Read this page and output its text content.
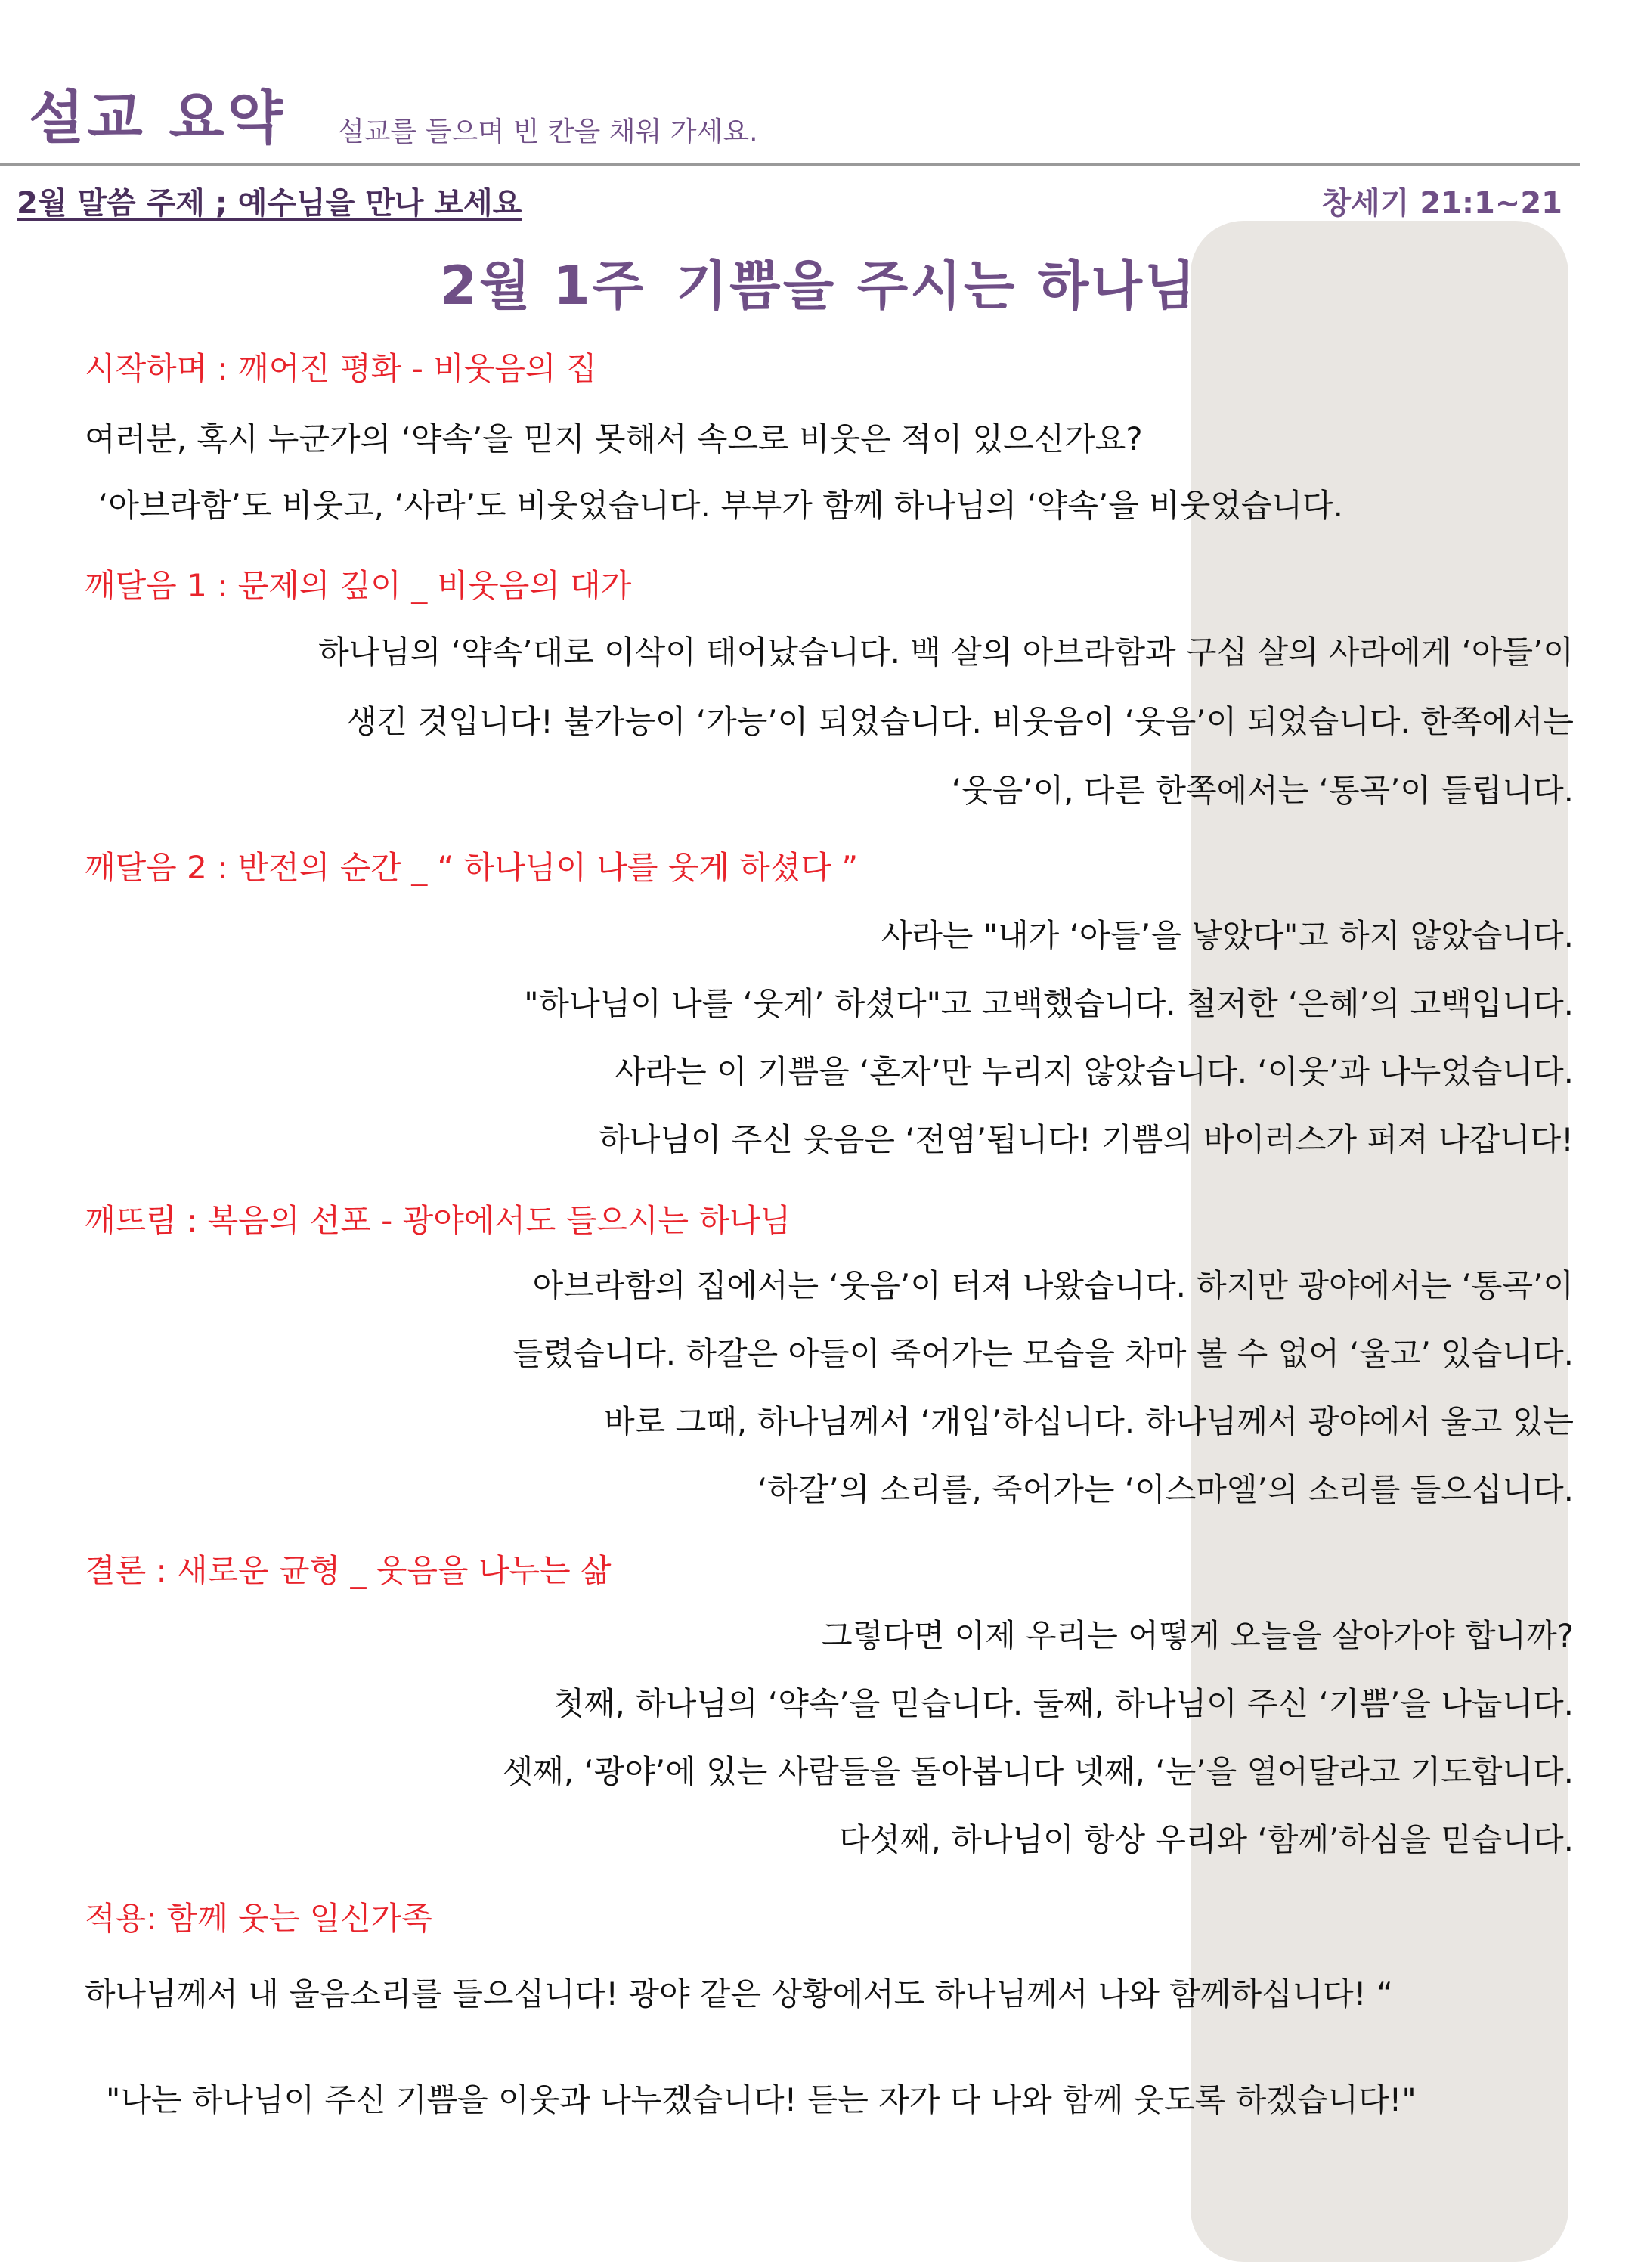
설교 요약 설교를 들으며 빈 칸을 채워 가세요.
2월 말씀 주제 ; 예수님을 만나 보세요	창세기 21:1~21
2월 1주 기쁨을 주시는 하나님
시작하며 : 깨어진 평화 - 비웃음의 집
여러분, 혹시 누군가의 ‘약속’을 믿지 못해서 속으로 비웃은 적이 있으신가요?
‘아브라함’도 비웃고, ‘사라’도 비웃었습니다. 부부가 함께 하나님의 ‘약속’을 비웃었습니다.
깨달음 1 : 문제의 깊이 _ 비웃음의 대가
하나님의 ‘약속’대로 이삭이 태어났습니다. 백 살의 아브라함과 구십 살의 사라에게 ‘아들’이
생긴 것입니다! 불가능이 ‘가능’이 되었습니다. 비웃음이 ‘웃음’이 되었습니다. 한쪽에서는
‘웃음’이, 다른 한쪽에서는 ‘통곡’이 들립니다.
깨달음 2 : 반전의 순간 _ “ 하나님이 나를 웃게 하셨다 ”
사라는 "내가 ‘아들’을 낳았다"고 하지 않았습니다.
"하나님이 나를 ‘웃게’ 하셨다"고 고백했습니다. 철저한 ‘은혜’의 고백입니다.
사라는 이 기쁨을 ‘혼자’만 누리지 않았습니다. ‘이웃’과 나누었습니다.
하나님이 주신 웃음은 ‘전염’됩니다! 기쁨의 바이러스가 퍼져 나갑니다!
깨뜨림 : 복음의 선포 - 광야에서도 들으시는 하나님
아브라함의 집에서는 ‘웃음’이 터져 나왔습니다. 하지만 광야에서는 ‘통곡’이
들렸습니다. 하갈은 아들이 죽어가는 모습을 차마 볼 수 없어 ‘울고’ 있습니다.
바로 그때, 하나님께서 ‘개입’하십니다. 하나님께서 광야에서 울고 있는
‘하갈’의 소리를, 죽어가는 ‘이스마엘’의 소리를 들으십니다.
결론 : 새로운 균형 _ 웃음을 나누는 삶
그렇다면 이제 우리는 어떻게 오늘을 살아가야 합니까?
첫째, 하나님의 ‘약속’을 믿습니다. 둘째, 하나님이 주신 ‘기쁨’을 나눕니다.
셋째, ‘광야’에 있는 사람들을 돌아봅니다 넷째, ‘눈’을 열어달라고 기도합니다.
다섯째, 하나님이 항상 우리와 ‘함께’하심을 믿습니다.
적용: 함께 웃는 일신가족
하나님께서 내 울음소리를 들으십니다! 광야 같은 상황에서도 하나님께서 나와 함께하십니다! “
"나는 하나님이 주신 기쁨을 이웃과 나누겠습니다! 듣는 자가 다 나와 함께 웃도록 하겠습니다!"
